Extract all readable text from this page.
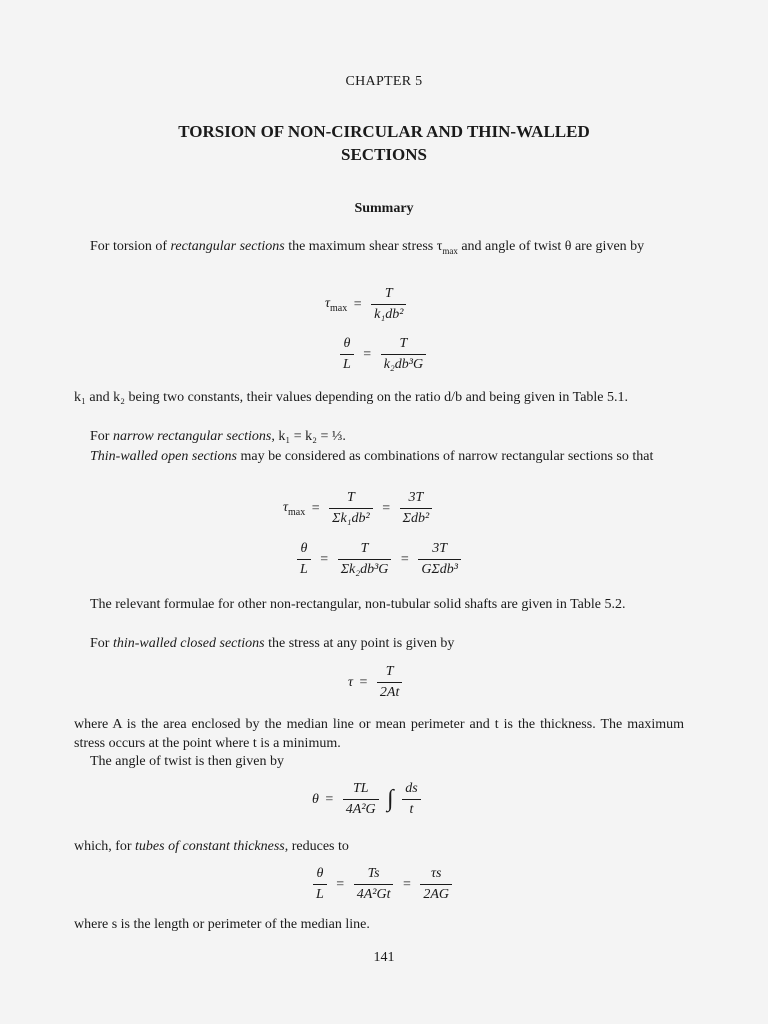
CHAPTER 5
TORSION OF NON-CIRCULAR AND THIN-WALLED
SECTIONS
Summary
For torsion of rectangular sections the maximum shear stress $\tau_{max}$ and angle of twist θ are given by
$\tau_{max} = \frac{T}{\text{k₁db²}}$
$\frac{\theta}{L} = \frac{T}{\text{k₂db³G}}$
k₁ and k₂ being two constants, their values depending on the ratio d/b and being given in Table 5.1.
For narrow rectangular sections, k₁ = k₂ = ⅓.
Thin-walled open sections may be considered as combinations of narrow rectangular sections so that
$\tau_{max} = \frac{T}{\text{Σk₁db²}} = \frac{3T}{\text{Σdb²}}$
$\frac{\theta}{L} = \frac{T}{\text{Σk₂db³G}} = \frac{3T}{\text{GΣdb³}}$
The relevant formulae for other non-rectangular, non-tubular solid shafts are given in Table 5.2.
For thin-walled closed sections the stress at any point is given by
$\tau = \frac{T}{2At}$
where A is the area enclosed by the median line or mean perimeter and t is the thickness. The maximum stress occurs at the point where t is a minimum.
The angle of twist is then given by
$\theta = \frac{TL}{\text{4A²G}}$ ∫ $\frac{ds}{t}$
which, for tubes of constant thickness, reduces to
$\frac{\theta}{L} = \frac{Ts}{\text{4A²Gt}} = \frac{\tau s}{2AG}$
where s is the length or perimeter of the median line.
141
